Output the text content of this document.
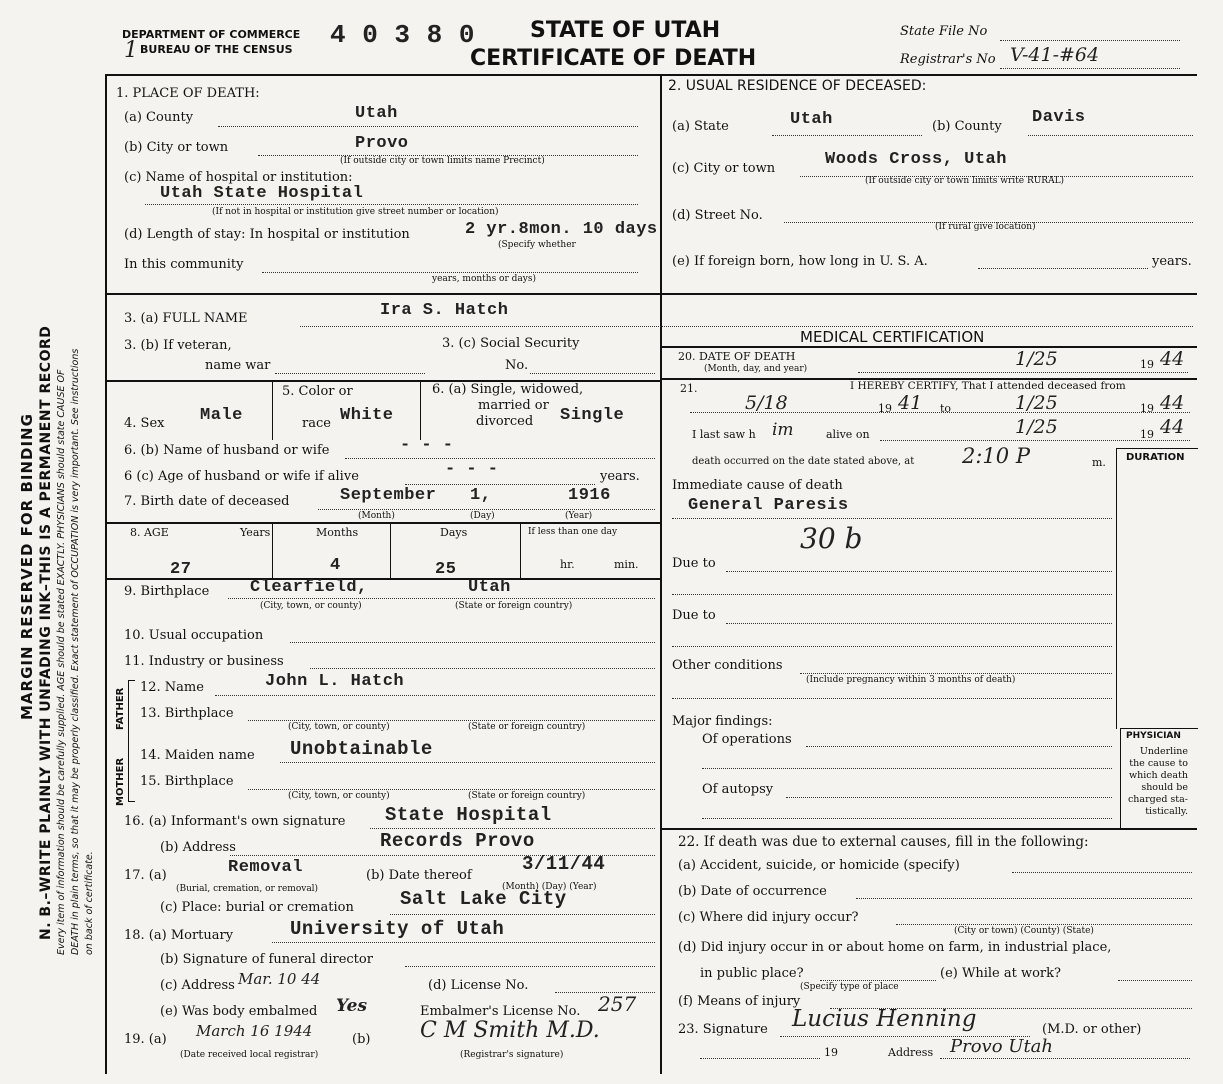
MARGIN RESERVED FOR BINDING N. B.–WRITE PLAINLY WITH UNFADING INK–THIS IS A PERMANENT RECORD Every item of information should be carefully supplied. AGE should be stated EXACTLY. PHYSICIANS should state CAUSE OF DEATH in plain terms, so that it may be properly classified. Exact statement of OCCUPATION is very important. See instructions on back of certificate.
DEPARTMENT OF COMMERCE
BUREAU OF THE CENSUS
1
4 0 3 8 0	STATE OF UTAH
CERTIFICATE OF DEATH
State File No
Registrar's No V-41-#64
1. PLACE OF DEATH:
(a) County	Utah
(b) City or town	Provo
(If outside city or town limits name Precinct)
(c) Name of hospital or institution:
Utah State Hospital
(If not in hospital or institution give street number or location)
(d) Length of stay: In hospital or institution	2 yr.8mon. 10 days
(Specify whether
In this community
years, months or days)
2. USUAL RESIDENCE OF DECEASED:
(a) State	Utah	(b) County Davis
(c) City or town	Woods Cross, Utah
(If outside city or town limits write RURAL)
(d) Street No.
(If rural give location)
(e) If foreign born, how long in U. S. A.	years.
3. (a) FULL NAME	Ira S. Hatch
3. (b) If veteran,
name war
3. (c) Social Security
No.
4. Sex Male
5. Color or
race White
6. (a) Single, widowed,
married or
divorced Single
6. (b) Name of husband or wife	- - -
6 (c) Age of husband or wife if alive	- - -	years.
7. Birth date of deceased	September 1,	1916
(Month)	(Day)	(Year)
8. AGE	Years	Months	Days	If less than one day
27	4	25	hr.	min.
9. Birthplace Clearfield,	Utah
(City, town, or county)	(State or foreign country)
10. Usual occupation
11. Industry or business
FATHER
MOTHER
12. Name	John L. Hatch
13. Birthplace
(City, town, or county)	(State or foreign country)
14. Maiden name Unobtainable
15. Birthplace
(City, town, or county)	(State or foreign country)
16. (a) Informant's own signature State Hospital
(b) Address	Records Provo
17. (a)	Removal
(Burial, cremation, or removal)
(b) Date thereof
3/11/44
(Month) (Day) (Year)
(c) Place: burial or cremation Salt Lake City
18. (a) Mortuary	University of Utah
(b) Signature of funeral director
(c) Address Mar. 10 44	(d) License No.
(e) Was body embalmed Yes	Embalmer's License No. 257
19. (a) March 16 1944
(Date received local registrar)
(b) C M Smith M.D.
(Registrar's signature)
MEDICAL CERTIFICATION
20. DATE OF DEATH
(Month, day, and year)	1/25	19 44
21.	I HEREBY CERTIFY, That I attended deceased from
5/18	19 41 to	1/25	19 44
I last saw h im	alive on	1/25	19 44
death occurred on the date stated above, at 2:10 P	m. DURATION
Immediate cause of death
General Paresis
30 b
Due to
Due to
Other conditions
(Include pregnancy within 3 months of death)
Major findings:
Of operations
Of autopsy
PHYSICIAN
Underline
the cause to
which death
should be
charged sta-
tistically.
22. If death was due to external causes, fill in the following:
(a) Accident, suicide, or homicide (specify)
(b) Date of occurrence
(c) Where did injury occur?
(City or town) (County) (State)
(d) Did injury occur in or about home on farm, in industrial place,
in public place?
(Specify type of place
(e) While at work?
(f) Means of injury
23. Signature Lucius Henning	(M.D. or other)
19	Address Provo Utah
